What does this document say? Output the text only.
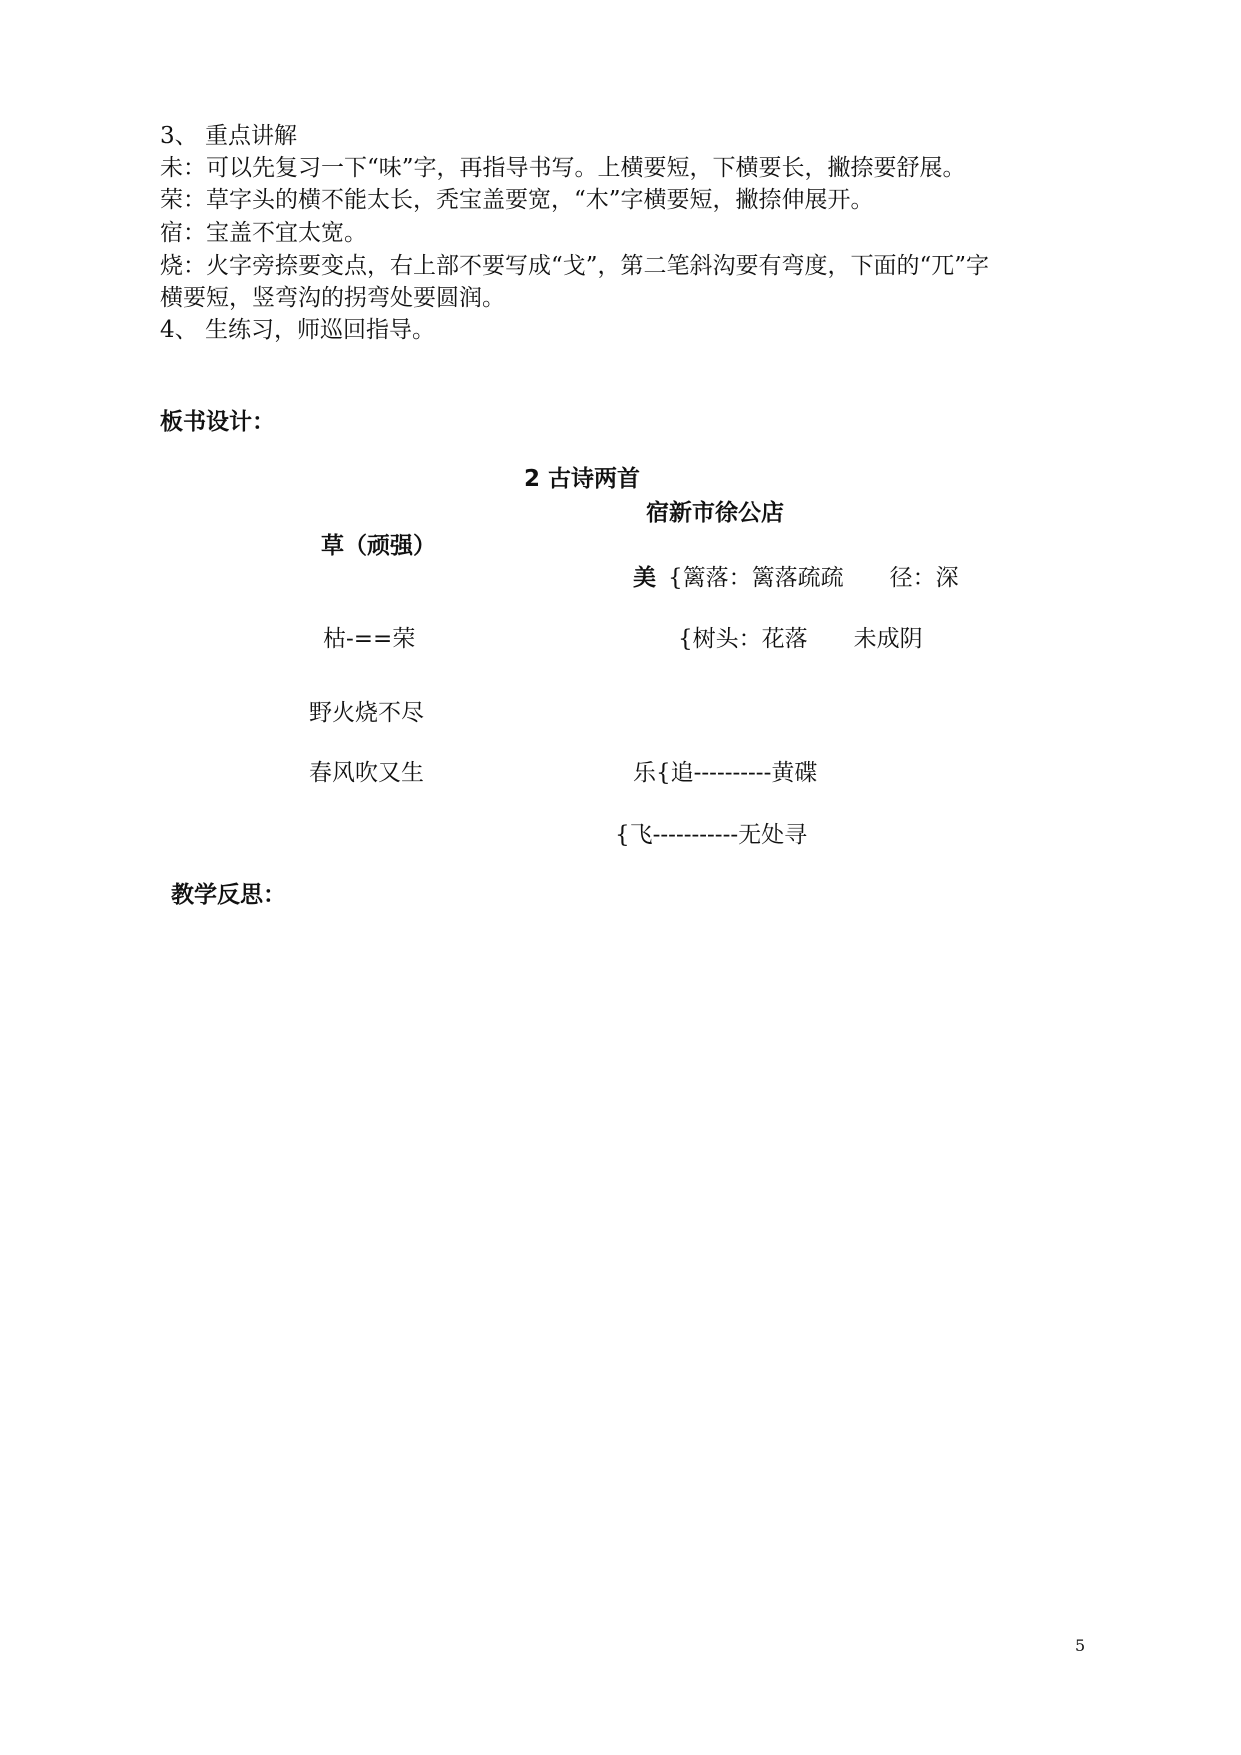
3、 重点讲解
未：可以先复习一下“味”字，再指导书写。上横要短，下横要长，撇捺要舒展。
荣：草字头的横不能太长，秃宝盖要宽，“木”字横要短，撇捺伸展开。
宿：宝盖不宜太宽。
烧：火字旁捺要变点，右上部不要写成“戈”，第二笔斜沟要有弯度，下面的“兀”字
横要短，竖弯沟的拐弯处要圆润。
4、 生练习，师巡回指导。
板书设计：
2 古诗两首
宿新市徐公店
草（顽强）
美 {篱落：篱落疏疏　　径：深
枯-==荣	{树头：花落　　未成阴
野火烧不尽
春风吹又生	乐{追----------黄碟
{飞-----------无处寻
教学反思：
5
